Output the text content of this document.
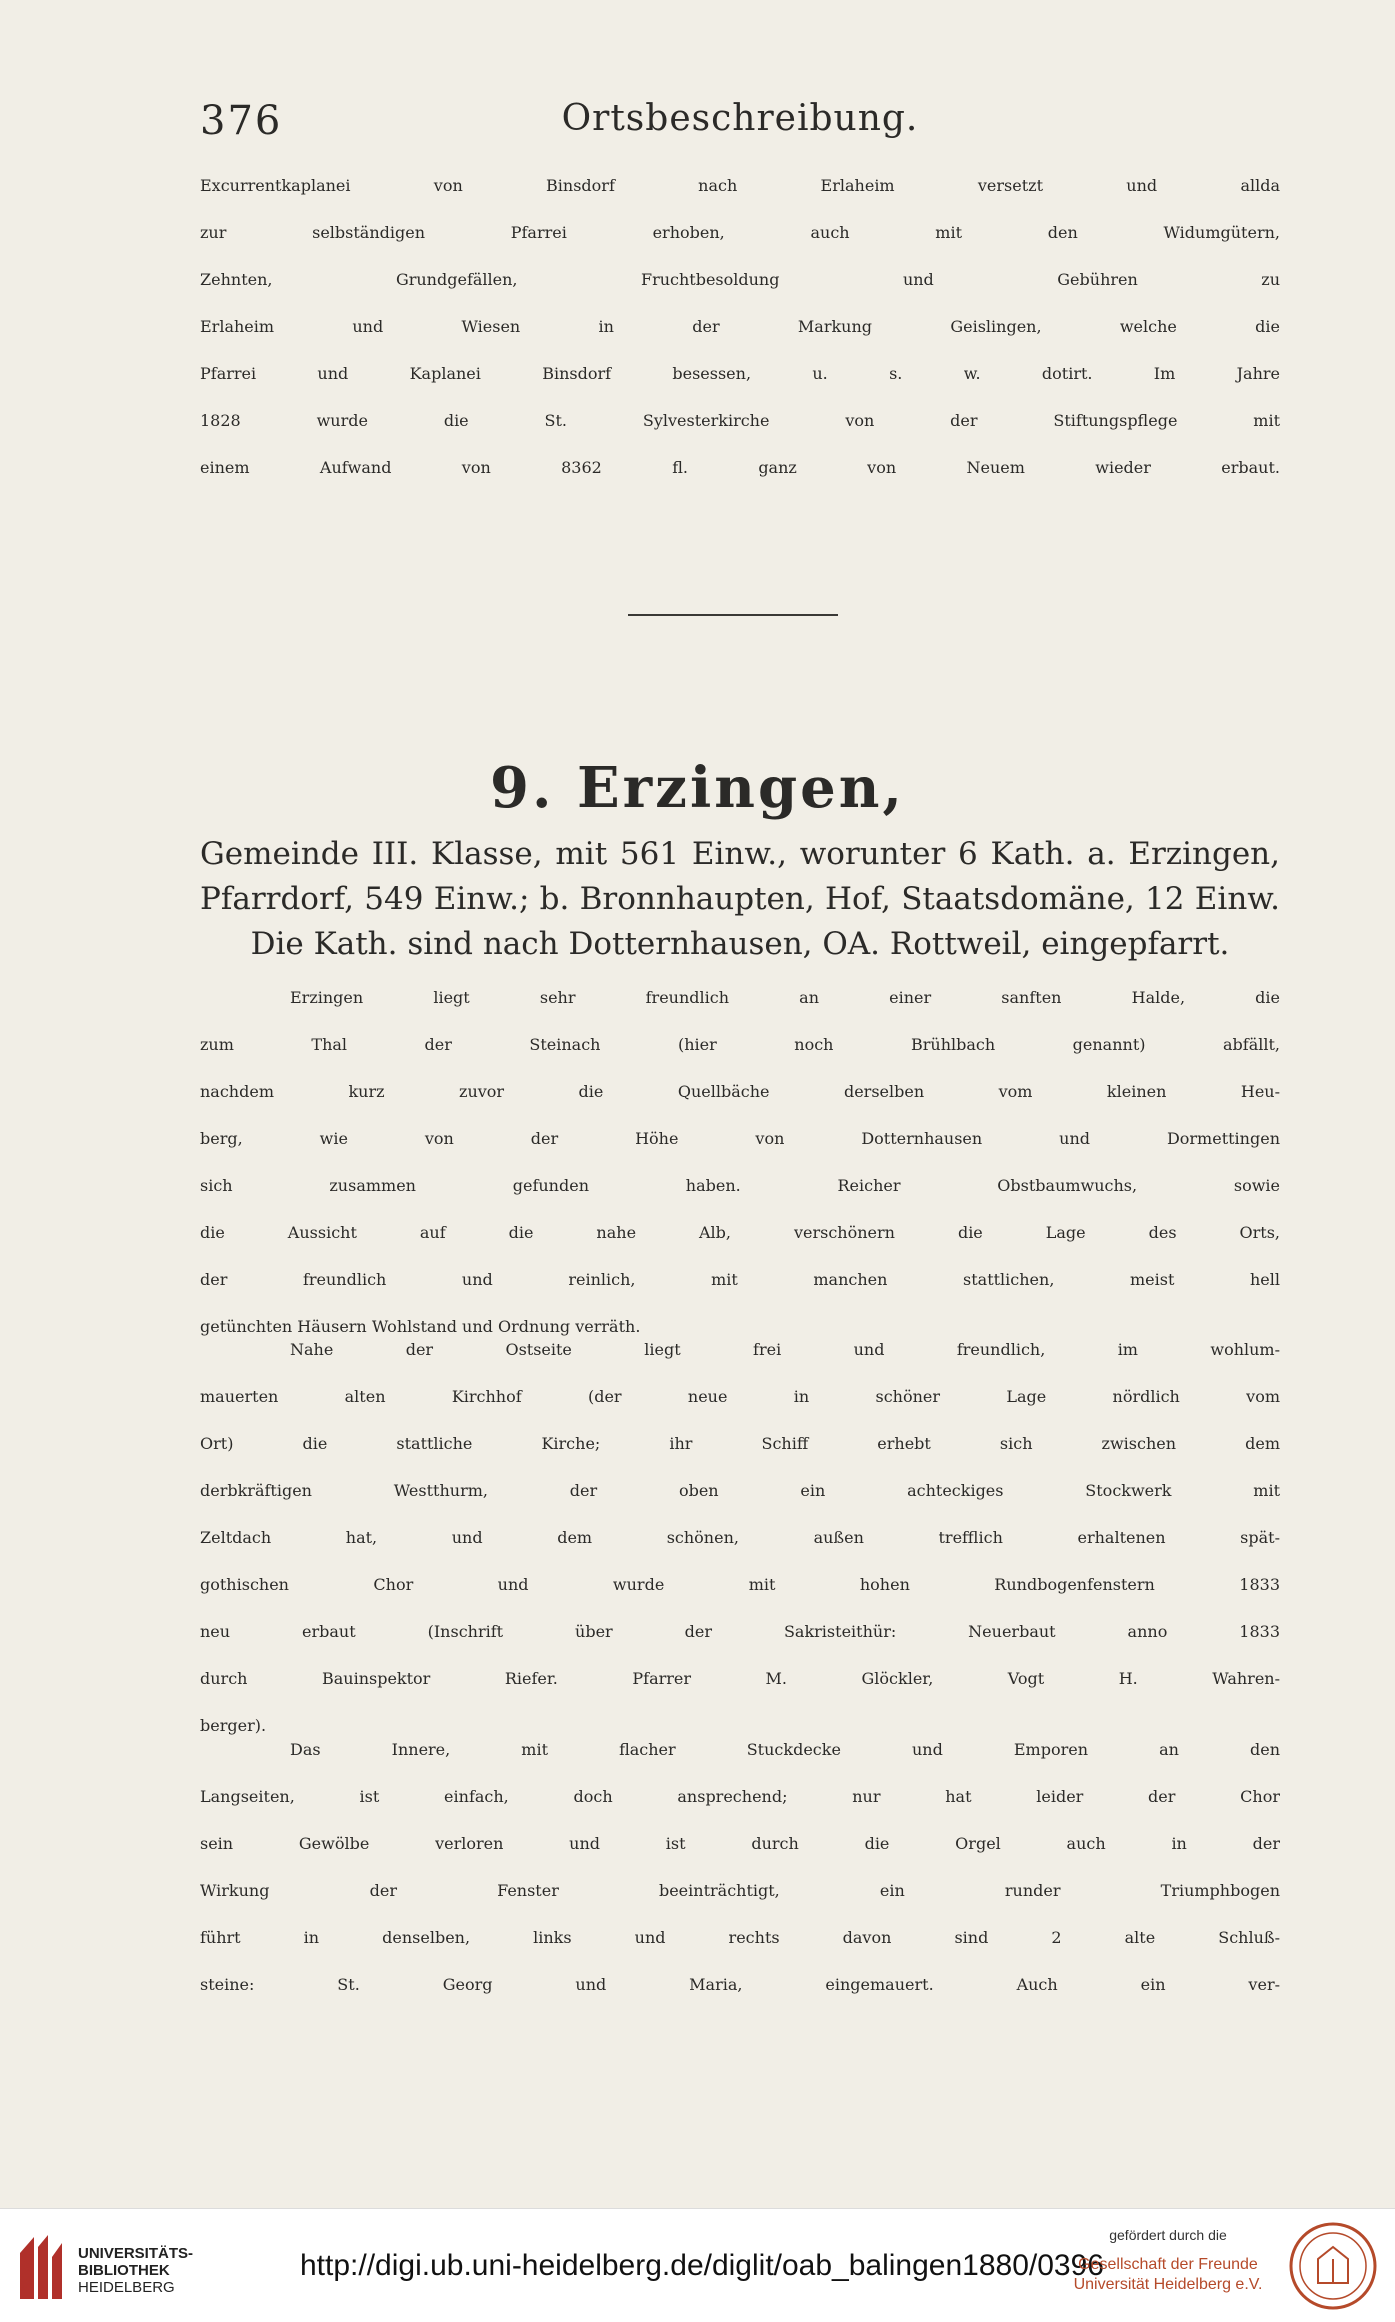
376	Ortsbeschreibung.
Excurrentkaplanei von Binsdorf nach Erlaheim versetzt und allda
zur selbständigen Pfarrei erhoben, auch mit den Widumgütern,
Zehnten, Grundgefällen, Fruchtbesoldung und Gebühren zu
Erlaheim und Wiesen in der Markung Geislingen, welche die
Pfarrei und Kaplanei Binsdorf besessen, u. s. w. dotirt. Im Jahre
1828 wurde die St. Sylvesterkirche von der Stiftungspflege mit
einem Aufwand von 8362 fl. ganz von Neuem wieder erbaut.
9. Erzingen,
Gemeinde III. Klasse, mit 561 Einw., worunter 6 Kath. a. Erzingen,
Pfarrdorf, 549 Einw.; b. Bronnhaupten, Hof, Staatsdomäne, 12 Einw.
Die Kath. sind nach Dotternhausen, OA. Rottweil, eingepfarrt.
Erzingen liegt sehr freundlich an einer sanften Halde, die
zum Thal der Steinach (hier noch Brühlbach genannt) abfällt,
nachdem kurz zuvor die Quellbäche derselben vom kleinen Heu-
berg, wie von der Höhe von Dotternhausen und Dormettingen
sich zusammen gefunden haben. Reicher Obstbaumwuchs, sowie
die Aussicht auf die nahe Alb, verschönern die Lage des Orts,
der freundlich und reinlich, mit manchen stattlichen, meist hell
getünchten Häusern Wohlstand und Ordnung verräth.
Nahe der Ostseite liegt frei und freundlich, im wohlum-
mauerten alten Kirchhof (der neue in schöner Lage nördlich vom
Ort) die stattliche Kirche; ihr Schiff erhebt sich zwischen dem
derbkräftigen Westthurm, der oben ein achteckiges Stockwerk mit
Zeltdach hat, und dem schönen, außen trefflich erhaltenen spät-
gothischen Chor und wurde mit hohen Rundbogenfenstern 1833
neu erbaut (Inschrift über der Sakristeithür: Neuerbaut anno 1833
durch Bauinspektor Riefer. Pfarrer M. Glöckler, Vogt H. Wahren-
berger).
Das Innere, mit flacher Stuckdecke und Emporen an den
Langseiten, ist einfach, doch ansprechend; nur hat leider der Chor
sein Gewölbe verloren und ist durch die Orgel auch in der
Wirkung der Fenster beeinträchtigt, ein runder Triumphbogen
führt in denselben, links und rechts davon sind 2 alte Schluß-
steine: St. Georg und Maria, eingemauert. Auch ein ver-
UNIVERSITÄTS-
BIBLIOTHEK
HEIDELBERG
http://digi.ub.uni-heidelberg.de/diglit/oab_balingen1880/0396
gefördert durch die
Gesellschaft der Freunde
Universität Heidelberg e.V.
